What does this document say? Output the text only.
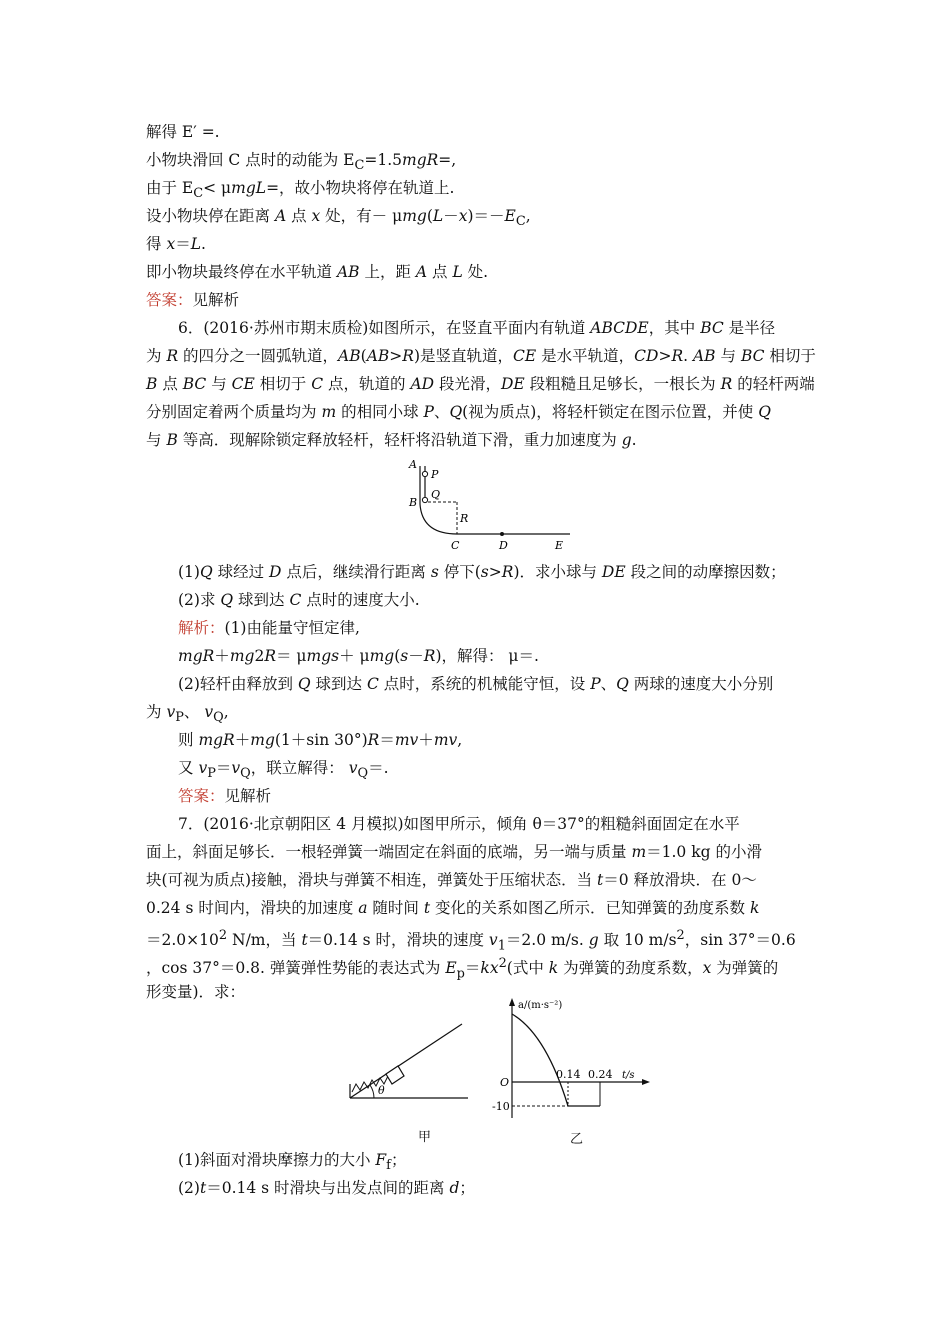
解得 E′ =.
小物块滑回 C 点时的动能为 $E_C=1.5mgR=$,
由于 $E_C< \mu mgL=$，故小物块将停在轨道上.
设小物块停在距离 A 点 x 处，有－ $\mu mg(L-x)=-E_C$,
得 x＝L.
即小物块最终停在水平轨道 AB 上，距 A 点 L 处.
答案：见解析
6．(2016·苏州市期末质检)如图所示，在竖直平面内有轨道 ABCDE，其中 BC 是半径
为 R 的四分之一圆弧轨道，AB(AB>R)是竖直轨道，CE 是水平轨道，CD>R. AB 与 BC 相切于
B 点 BC 与 CE 相切于 C 点，轨道的 AD 段光滑，DE 段粗糙且足够长，一根长为 R 的轻杆两端
分别固定着两个质量均为 m 的相同小球 P、Q(视为质点)，将轻杆锁定在图示位置，并使 Q
与 B 等高．现解除锁定释放轻杆，轻杆将沿轨道下滑，重力加速度为 g.
A
P
Q
B
R
C	D	E
(1)Q 球经过 D 点后，继续滑行距离 s 停下(s>R)．求小球与 DE 段之间的动摩擦因数；
(2)求 Q 球到达 C 点时的速度大小.
解析：(1)由能量守恒定律,
mgR＋mg2R＝ μmgs＋ μmg(s－R)，解得： μ＝.
(2)轻杆由释放到 Q 球到达 C 点时，系统的机械能守恒，设 P、Q 两球的速度大小分别
为 $v_P$、 $v_Q$,
则 mgR＋mg(1＋sin 30°)R＝mv＋mv,
又 $v_P=v_Q$，联立解得： $v_Q=$.
答案：见解析
7．(2016·北京朝阳区 4 月模拟)如图甲所示，倾角 θ＝37°的粗糙斜面固定在水平
面上，斜面足够长．一根轻弹簧一端固定在斜面的底端，另一端与质量 m＝1.0 kg 的小滑
块(可视为质点)接触，滑块与弹簧不相连，弹簧处于压缩状态．当 t＝0 释放滑块．在 0～
0.24 s 时间内，滑块的加速度 a 随时间 t 变化的关系如图乙所示．已知弹簧的劲度系数 k
$=2.0\times 10^2$ N/m，当 t＝0.14 s 时，滑块的速度 $v_1=2.0$ m/s. g 取 10 $m/s^2$，sin 37°＝0.6
，cos 37°＝0.8. 弹簧弹性势能的表达式为 $E_p=kx^2$(式中 k 为弹簧的劲度系数，x 为弹簧的
形变量)．求：
θ
甲
a/(m·s⁻²)
t/s
O
0.14 0.24
-10
乙
(1)斜面对滑块摩擦力的大小 $F_f$；
(2)t＝0.14 s 时滑块与出发点间的距离 d；
